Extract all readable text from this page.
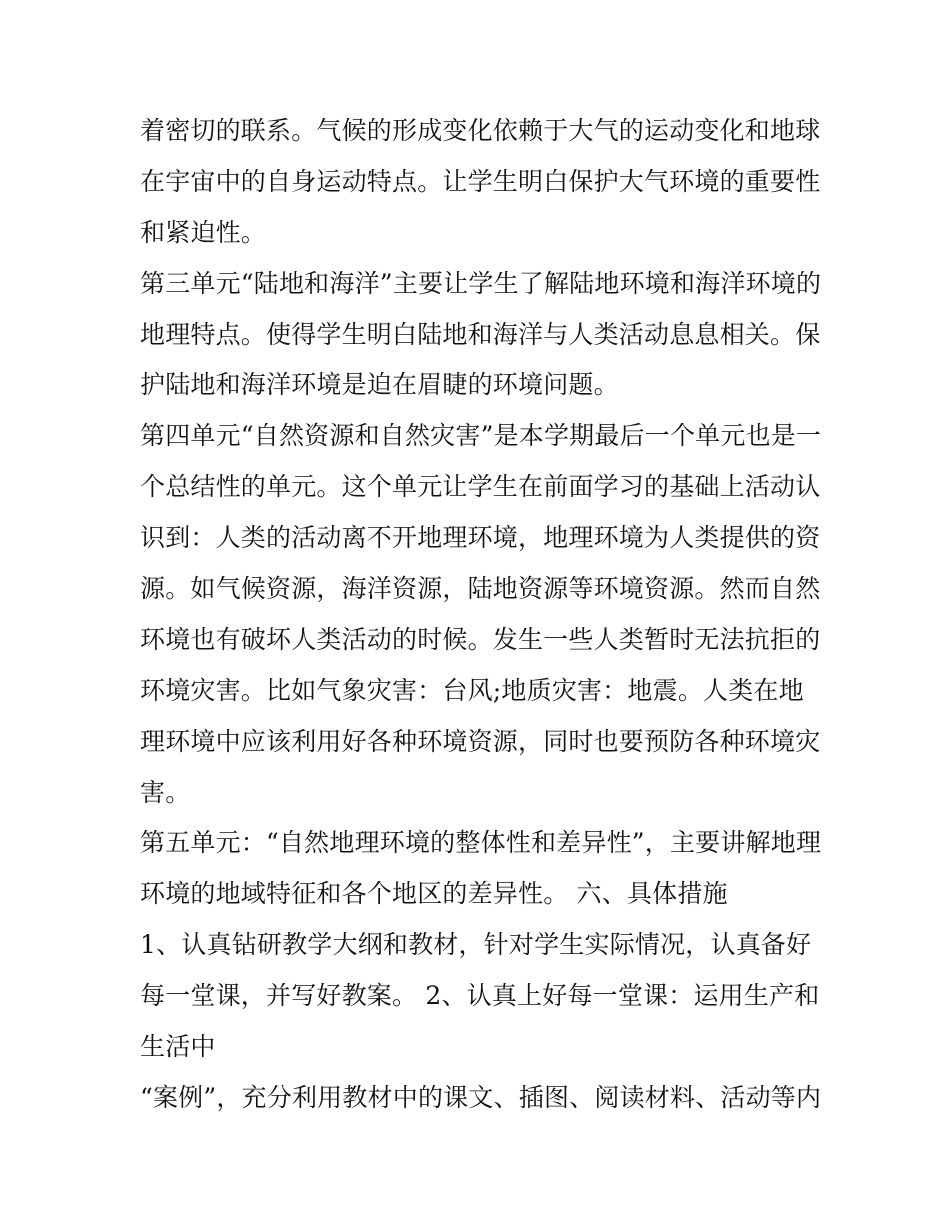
着密切的联系。气候的形成变化依赖于大气的运动变化和地球
在宇宙中的自身运动特点。让学生明白保护大气环境的重要性
和紧迫性。
第三单元“陆地和海洋”主要让学生了解陆地环境和海洋环境的
地理特点。使得学生明白陆地和海洋与人类活动息息相关。保
护陆地和海洋环境是迫在眉睫的环境问题。
第四单元“自然资源和自然灾害”是本学期最后一个单元也是一
个总结性的单元。这个单元让学生在前面学习的基础上活动认
识到：人类的活动离不开地理环境，地理环境为人类提供的资
源。如气候资源，海洋资源，陆地资源等环境资源。然而自然
环境也有破坏人类活动的时候。发生一些人类暂时无法抗拒的
环境灾害。比如气象灾害：台风;地质灾害：地震。人类在地
理环境中应该利用好各种环境资源，同时也要预防各种环境灾
害。
第五单元：“自然地理环境的整体性和差异性”，主要讲解地理
环境的地域特征和各个地区的差异性。 六、具体措施
1、认真钻研教学大纲和教材，针对学生实际情况，认真备好
每一堂课，并写好教案。 2、认真上好每一堂课：运用生产和
生活中
“案例”，充分利用教材中的课文、插图、阅读材料、活动等内
